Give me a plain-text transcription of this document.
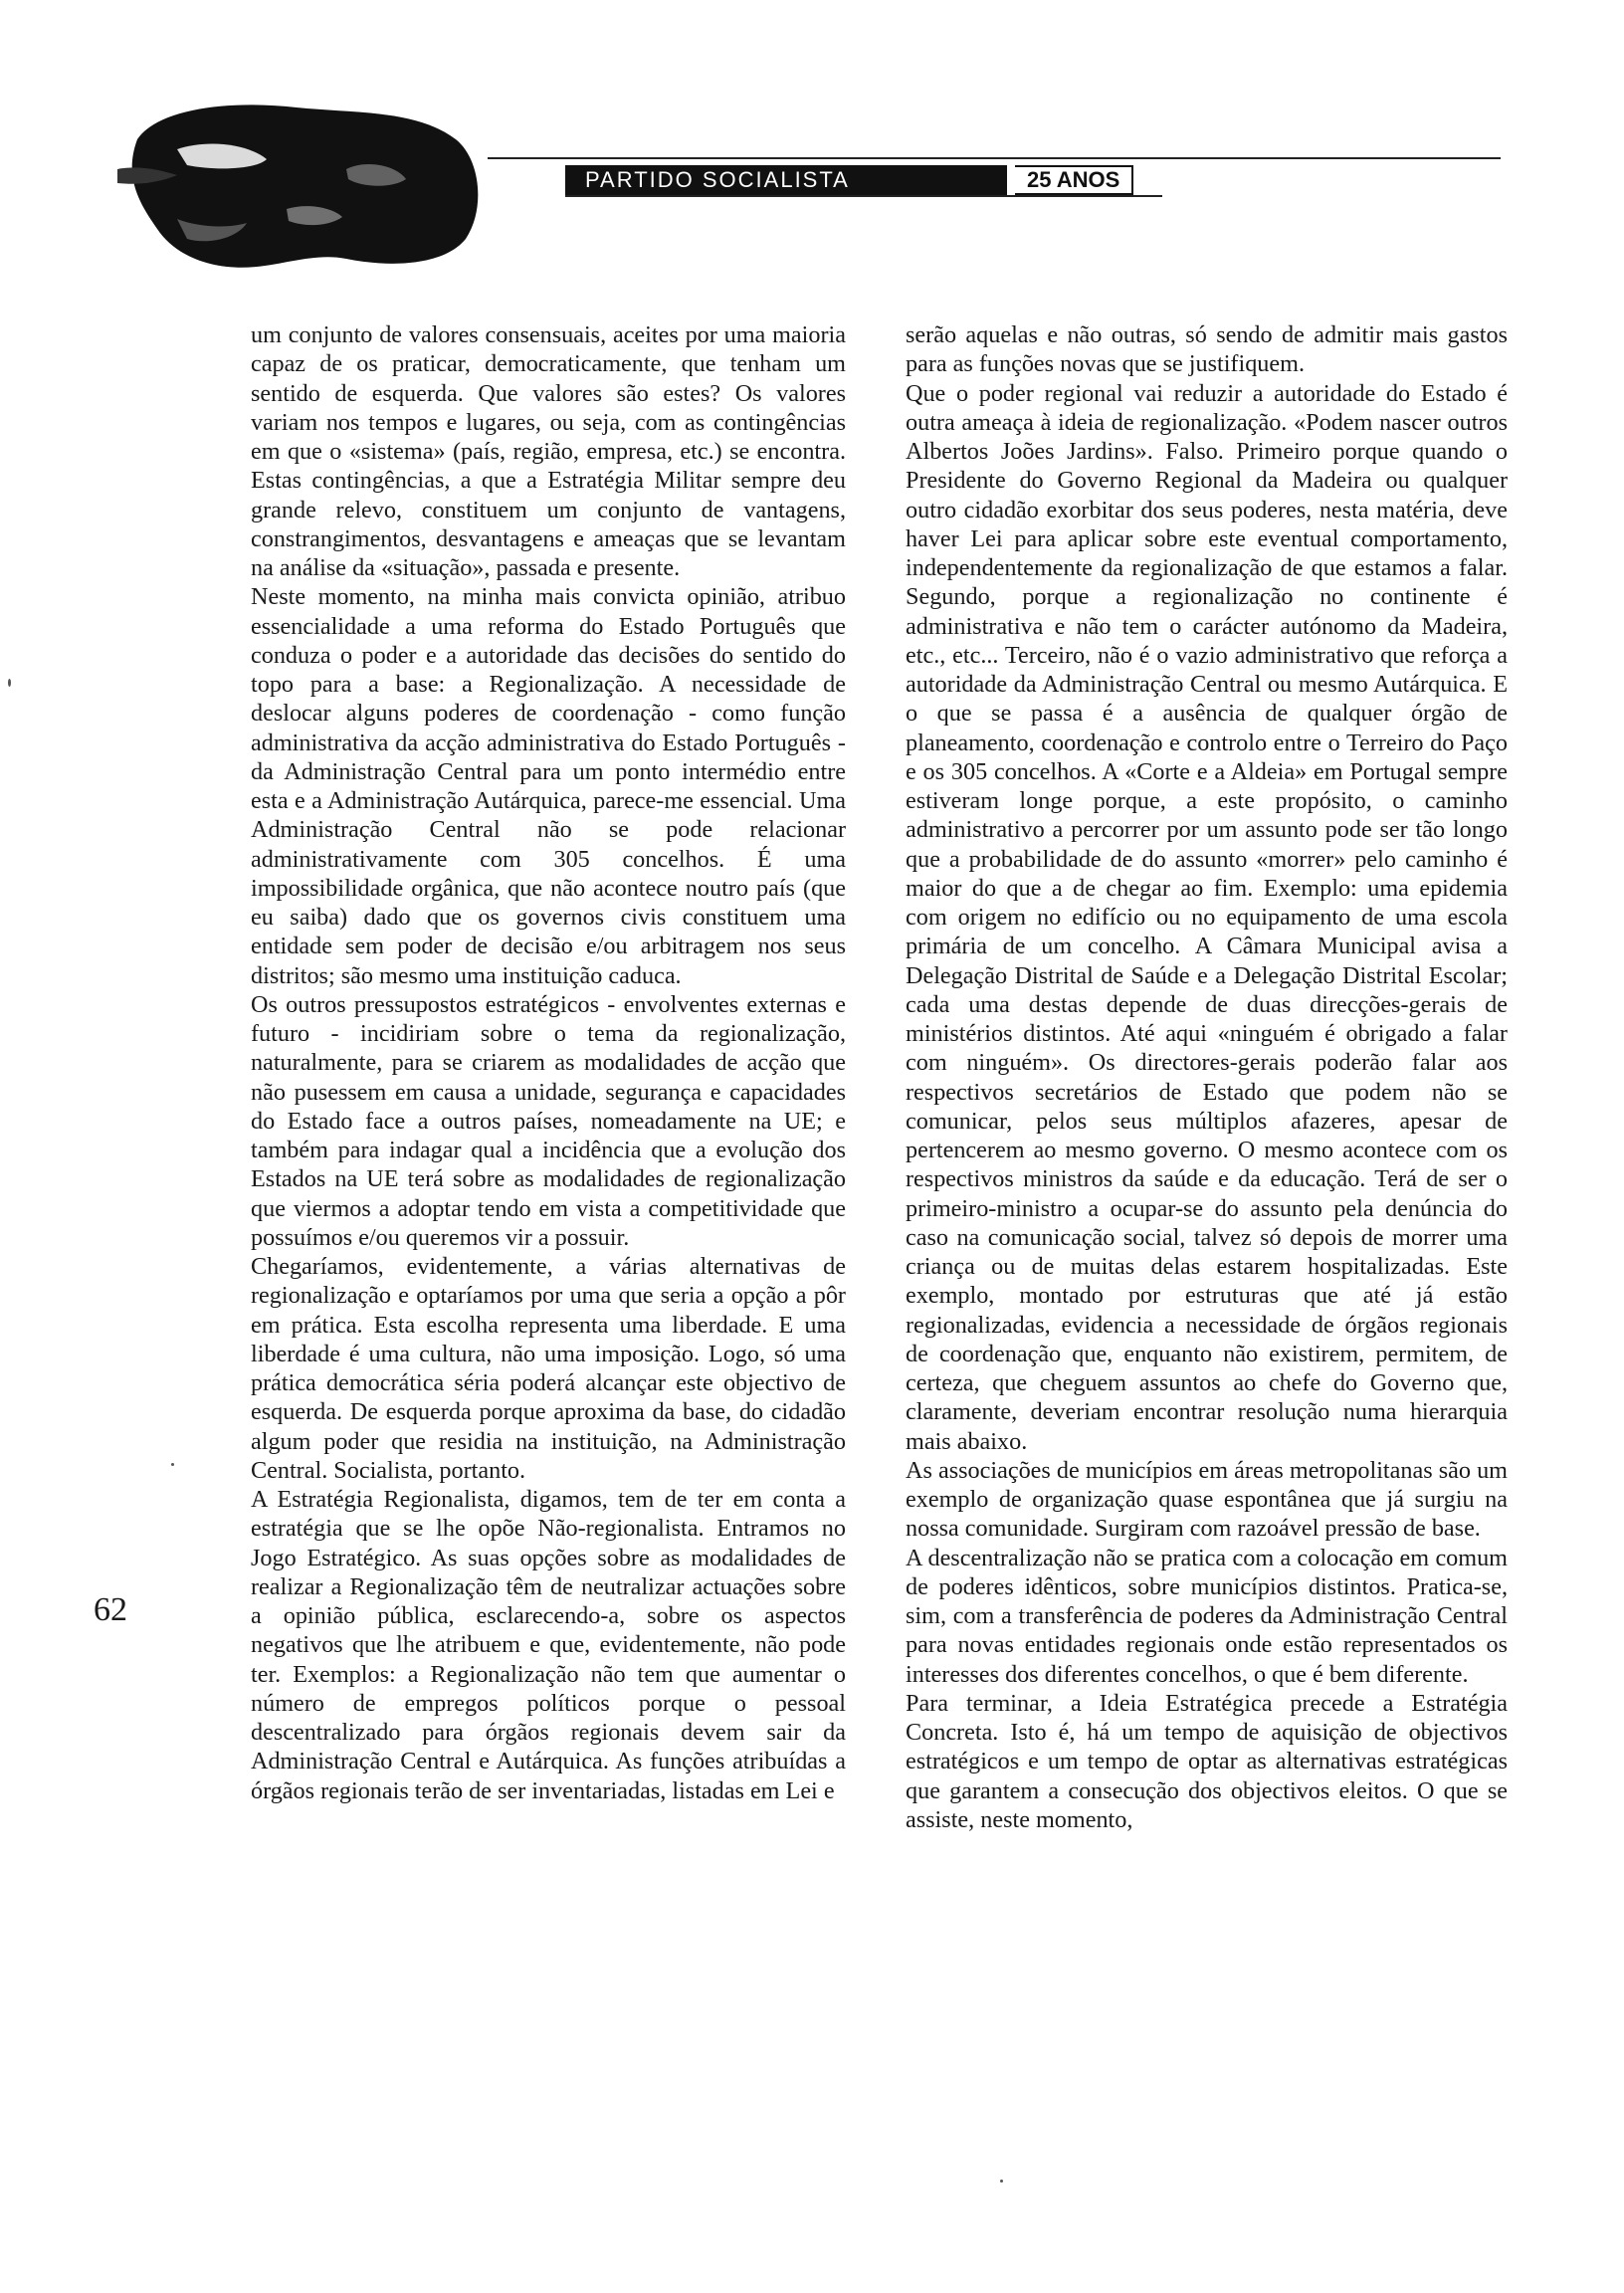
PARTIDO SOCIALISTA PORTUGUÊS
25 ANOS

um conjunto de valores consensuais, aceites por uma maioria capaz de os praticar, democraticamente, que tenham um sentido de esquerda. Que valores são estes? Os valores variam nos tempos e lugares, ou seja, com as contingências em que o «sistema» (país, região, empresa, etc.) se encontra. Estas contingências, a que a Estratégia Militar sempre deu grande relevo, constituem um conjunto de vantagens, constrangimentos, desvantagens e ameaças que se levantam na análise da «situação», passada e presente.

Neste momento, na minha mais convicta opinião, atribuo essencialidade a uma reforma do Estado Português que conduza o poder e a autoridade das decisões do sentido do topo para a base: a Regionalização. A necessidade de deslocar alguns poderes de coordenação - como função administrativa da acção administrativa do Estado Português - da Administração Central para um ponto intermédio entre esta e a Administração Autárquica, parece-me essencial. Uma Administração Central não se pode relacionar administrativamente com 305 concelhos. É uma impossibilidade orgânica, que não acontece noutro país (que eu saiba) dado que os governos civis constituem uma entidade sem poder de decisão e/ou arbitragem nos seus distritos; são mesmo uma instituição caduca.

Os outros pressupostos estratégicos - envolventes externas e futuro - incidiriam sobre o tema da regionalização, naturalmente, para se criarem as modalidades de acção que não pusessem em causa a unidade, segurança e capacidades do Estado face a outros países, nomeadamente na UE; e também para indagar qual a incidência que a evolução dos Estados na UE terá sobre as modalidades de regionalização que viermos a adoptar tendo em vista a competitividade que possuímos e/ou queremos vir a possuir.

Chegaríamos, evidentemente, a várias alternativas de regionalização e optaríamos por uma que seria a opção a pôr em prática. Esta escolha representa uma liberdade. E uma liberdade é uma cultura, não uma imposição. Logo, só uma prática democrática séria poderá alcançar este objectivo de esquerda. De esquerda porque aproxima da base, do cidadão algum poder que residia na instituição, na Administração Central. Socialista, portanto.

A Estratégia Regionalista, digamos, tem de ter em conta a estratégia que se lhe opõe Não-regionalista. Entramos no Jogo Estratégico. As suas opções sobre as modalidades de realizar a Regionalização têm de neutralizar actuações sobre a opinião pública, esclarecendo-a, sobre os aspectos negativos que lhe atribuem e que, evidentemente, não pode ter. Exemplos: a Regionalização não tem que aumentar o número de empregos políticos porque o pessoal descentralizado para órgãos regionais devem sair da Administração Central e Autárquica. As funções atribuídas a órgãos regionais terão de ser inventariadas, listadas em Lei e

serão aquelas e não outras, só sendo de admitir mais gastos para as funções novas que se justifiquem.

Que o poder regional vai reduzir a autoridade do Estado é outra ameaça à ideia de regionalização. «Podem nascer outros Albertos Joões Jardins». Falso. Primeiro porque quando o Presidente do Governo Regional da Madeira ou qualquer outro cidadão exorbitar dos seus poderes, nesta matéria, deve haver Lei para aplicar sobre este eventual comportamento, independentemente da regionalização de que estamos a falar. Segundo, porque a regionalização no continente é administrativa e não tem o carácter autónomo da Madeira, etc., etc... Terceiro, não é o vazio administrativo que reforça a autoridade da Administração Central ou mesmo Autárquica. E o que se passa é a ausência de qualquer órgão de planeamento, coordenação e controlo entre o Terreiro do Paço e os 305 concelhos. A «Corte e a Aldeia» em Portugal sempre estiveram longe porque, a este propósito, o caminho administrativo a percorrer por um assunto pode ser tão longo que a probabilidade de do assunto «morrer» pelo caminho é maior do que a de chegar ao fim. Exemplo: uma epidemia com origem no edifício ou no equipamento de uma escola primária de um concelho. A Câmara Municipal avisa a Delegação Distrital de Saúde e a Delegação Distrital Escolar; cada uma destas depende de duas direcções-gerais de ministérios distintos. Até aqui «ninguém é obrigado a falar com ninguém». Os directores-gerais poderão falar aos respectivos secretários de Estado que podem não se comunicar, pelos seus múltiplos afazeres, apesar de pertencerem ao mesmo governo. O mesmo acontece com os respectivos ministros da saúde e da educação. Terá de ser o primeiro-ministro a ocupar-se do assunto pela denúncia do caso na comunicação social, talvez só depois de morrer uma criança ou de muitas delas estarem hospitalizadas. Este exemplo, montado por estruturas que até já estão regionalizadas, evidencia a necessidade de órgãos regionais de coordenação que, enquanto não existirem, permitem, de certeza, que cheguem assuntos ao chefe do Governo que, claramente, deveriam encontrar resolução numa hierarquia mais abaixo.

As associações de municípios em áreas metropolitanas são um exemplo de organização quase espontânea que já surgiu na nossa comunidade. Surgiram com razoável pressão de base.

A descentralização não se pratica com a colocação em comum de poderes idênticos, sobre municípios distintos. Pratica-se, sim, com a transferência de poderes da Administração Central para novas entidades regionais onde estão representados os interesses dos diferentes concelhos, o que é bem diferente.

Para terminar, a Ideia Estratégica precede a Estratégia Concreta. Isto é, há um tempo de aquisição de objectivos estratégicos e um tempo de optar as alternativas estratégicas que garantem a consecução dos objectivos eleitos. O que se assiste, neste momento,

62
